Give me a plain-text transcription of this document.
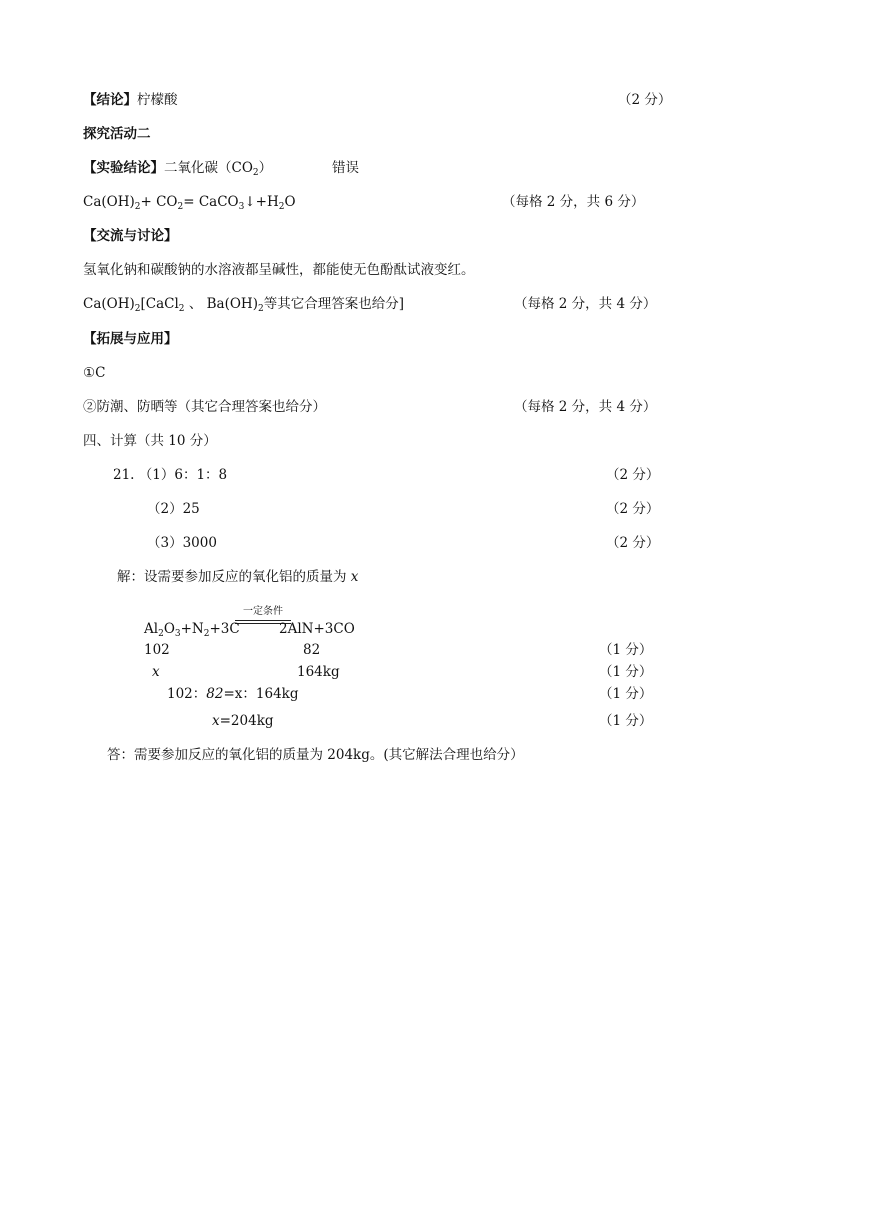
【结论】柠檬酸	（2 分）
探究活动二
【实验结论】二氧化碳$(CO_2)$	错误
$Ca(OH)_2+ CO_2=$ $CaCO_3↓+H_2O$	（每格 2 分，共 6 分）
【交流与讨论】
氢氧化钠和碳酸钠的水溶液都呈碱性，都能使无色酚酞试液变红。
$Ca(OH)_2[CaCl_2$ 、 $Ba(OH)_2$等其它合理答案也给分]	（每格 2 分，共 4 分）
【拓展与应用】
①C
②防潮、防晒等（其它合理答案也给分）	（每格 2 分，共 4 分）
四、计算（共 10 分）
21. （1）6：1：8	（2 分）
（2）25	（2 分）
（3）3000	（2 分）
解：设需要参加反应的氧化铝的质量为 x
一定条件
$Al_2O_3+N_2+3C$	2AlN+3CO
102	82	（1 分）
x	164kg	（1 分）
102：82=x：164kg	（1 分）
x=204kg	（1 分）
答：需要参加反应的氧化铝的质量为 204kg。(其它解法合理也给分）
